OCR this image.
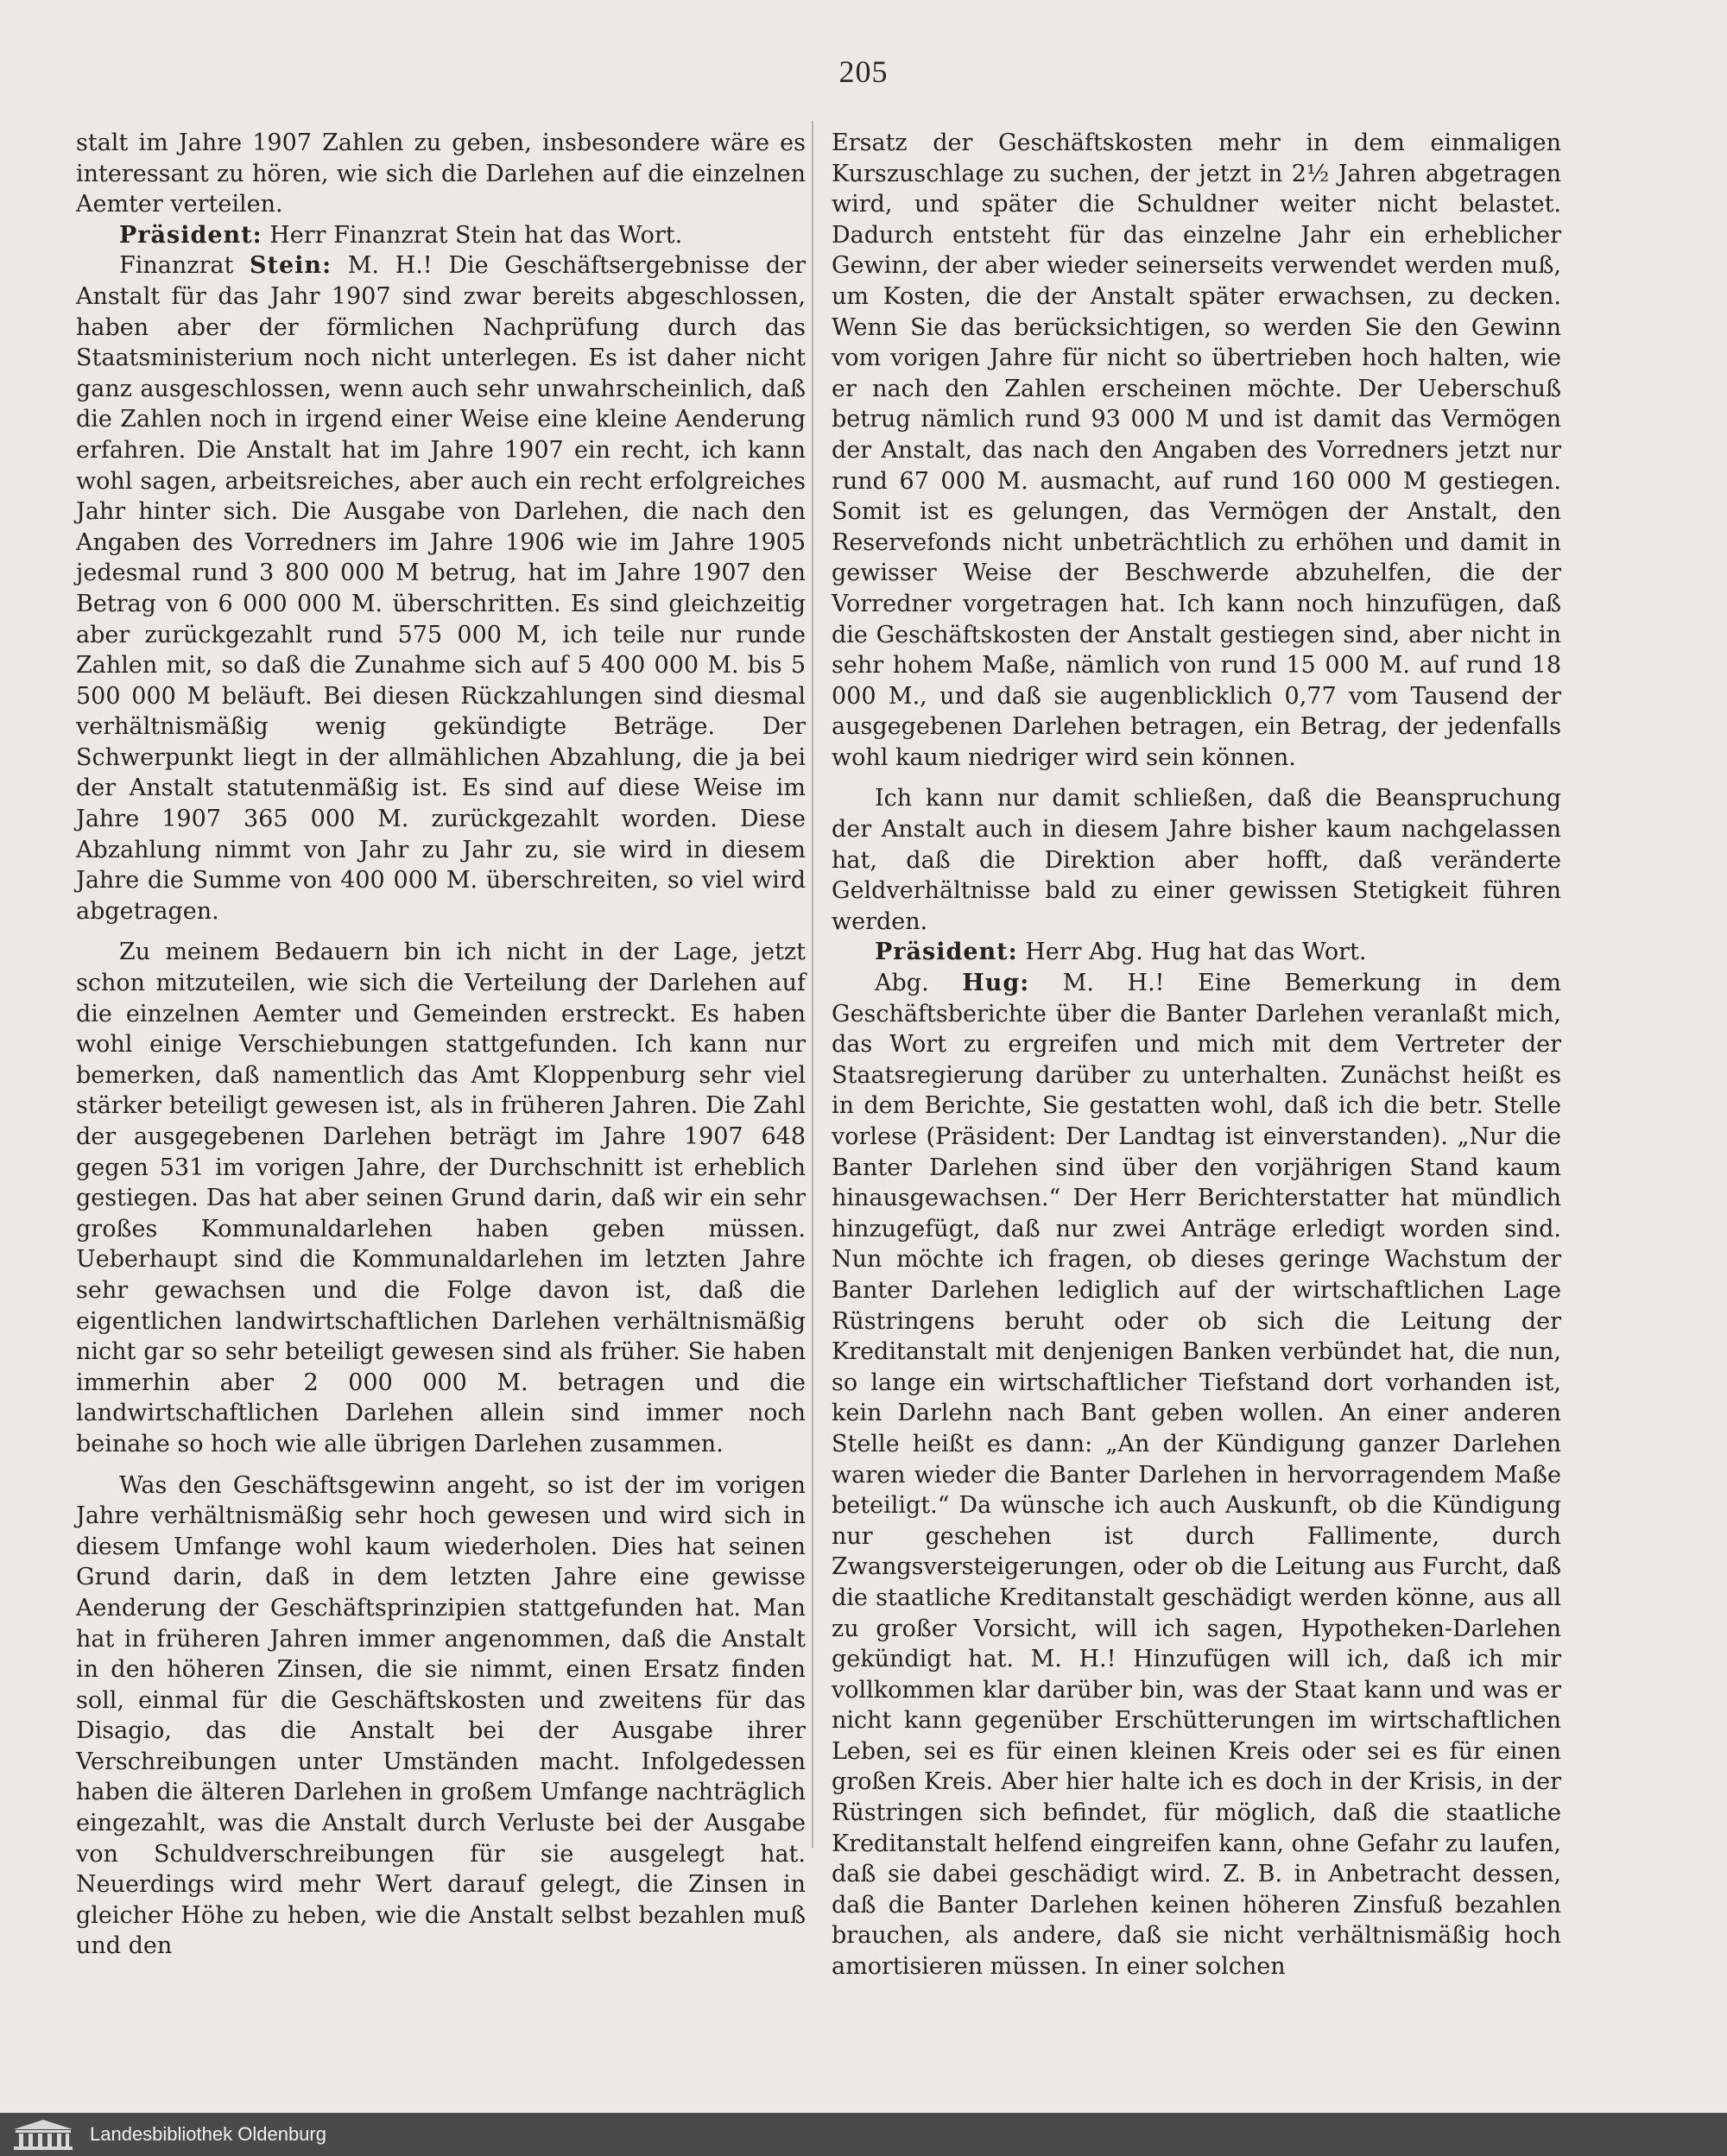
205

stalt im Jahre 1907 Zahlen zu geben, insbesondere wäre es interessant zu hören, wie sich die Darlehen auf die einzelnen Aemter verteilen.

Präsident: Herr Finanzrat Stein hat das Wort.

Finanzrat Stein: M. H.! Die Geschäftsergebnisse der Anstalt für das Jahr 1907 sind zwar bereits abgeschlossen, haben aber der förmlichen Nachprüfung durch das Staatsministerium noch nicht unterlegen. Es ist daher nicht ganz ausgeschlossen, wenn auch sehr unwahrscheinlich, daß die Zahlen noch in irgend einer Weise eine kleine Aenderung erfahren. Die Anstalt hat im Jahre 1907 ein recht, ich kann wohl sagen, arbeitsreiches, aber auch ein recht erfolgreiches Jahr hinter sich. Die Ausgabe von Darlehen, die nach den Angaben des Vorredners im Jahre 1906 wie im Jahre 1905 jedesmal rund 3 800 000 M betrug, hat im Jahre 1907 den Betrag von 6 000 000 M. überschritten. Es sind gleichzeitig aber zurückgezahlt rund 575 000 M, ich teile nur runde Zahlen mit, so daß die Zunahme sich auf 5 400 000 M. bis 5 500 000 M beläuft. Bei diesen Rückzahlungen sind diesmal verhältnismäßig wenig gekündigte Beträge. Der Schwerpunkt liegt in der allmählichen Abzahlung, die ja bei der Anstalt statutenmäßig ist. Es sind auf diese Weise im Jahre 1907 365 000 M. zurückgezahlt worden. Diese Abzahlung nimmt von Jahr zu Jahr zu, sie wird in diesem Jahre die Summe von 400 000 M. überschreiten, so viel wird abgetragen.

Zu meinem Bedauern bin ich nicht in der Lage, jetzt schon mitzuteilen, wie sich die Verteilung der Darlehen auf die einzelnen Aemter und Gemeinden erstreckt. Es haben wohl einige Verschiebungen stattgefunden. Ich kann nur bemerken, daß namentlich das Amt Kloppenburg sehr viel stärker beteiligt gewesen ist, als in früheren Jahren. Die Zahl der ausgegebenen Darlehen beträgt im Jahre 1907 648 gegen 531 im vorigen Jahre, der Durchschnitt ist erheblich gestiegen. Das hat aber seinen Grund darin, daß wir ein sehr großes Kommunaldarlehen haben geben müssen. Ueberhaupt sind die Kommunaldarlehen im letzten Jahre sehr gewachsen und die Folge davon ist, daß die eigentlichen landwirtschaftlichen Darlehen verhältnismäßig nicht gar so sehr beteiligt gewesen sind als früher. Sie haben immerhin aber 2 000 000 M. betragen und die landwirtschaftlichen Darlehen allein sind immer noch beinahe so hoch wie alle übrigen Darlehen zusammen.

Was den Geschäftsgewinn angeht, so ist der im vorigen Jahre verhältnismäßig sehr hoch gewesen und wird sich in diesem Umfange wohl kaum wiederholen. Dies hat seinen Grund darin, daß in dem letzten Jahre eine gewisse Aenderung der Geschäftsprinzipien stattgefunden hat. Man hat in früheren Jahren immer angenommen, daß die Anstalt in den höheren Zinsen, die sie nimmt, einen Ersatz finden soll, einmal für die Geschäftskosten und zweitens für das Disagio, das die Anstalt bei der Ausgabe ihrer Verschreibungen unter Umständen macht. Infolgedessen haben die älteren Darlehen in großem Umfange nachträglich eingezahlt, was die Anstalt durch Verluste bei der Ausgabe von Schuldverschreibungen für sie ausgelegt hat. Neuerdings wird mehr Wert darauf gelegt, die Zinsen in gleicher Höhe zu heben, wie die Anstalt selbst bezahlen muß und den

Ersatz der Geschäftskosten mehr in dem einmaligen Kurszuschlage zu suchen, der jetzt in 2½ Jahren abgetragen wird, und später die Schuldner weiter nicht belastet. Dadurch entsteht für das einzelne Jahr ein erheblicher Gewinn, der aber wieder seinerseits verwendet werden muß, um Kosten, die der Anstalt später erwachsen, zu decken. Wenn Sie das berücksichtigen, so werden Sie den Gewinn vom vorigen Jahre für nicht so übertrieben hoch halten, wie er nach den Zahlen erscheinen möchte. Der Ueberschuß betrug nämlich rund 93 000 M und ist damit das Vermögen der Anstalt, das nach den Angaben des Vorredners jetzt nur rund 67 000 M. ausmacht, auf rund 160 000 M gestiegen. Somit ist es gelungen, das Vermögen der Anstalt, den Reservefonds nicht unbeträchtlich zu erhöhen und damit in gewisser Weise der Beschwerde abzuhelfen, die der Vorredner vorgetragen hat. Ich kann noch hinzufügen, daß die Geschäftskosten der Anstalt gestiegen sind, aber nicht in sehr hohem Maße, nämlich von rund 15 000 M. auf rund 18 000 M., und daß sie augenblicklich 0,77 vom Tausend der ausgegebenen Darlehen betragen, ein Betrag, der jedenfalls wohl kaum niedriger wird sein können.

Ich kann nur damit schließen, daß die Beanspruchung der Anstalt auch in diesem Jahre bisher kaum nachgelassen hat, daß die Direktion aber hofft, daß veränderte Geldverhältnisse bald zu einer gewissen Stetigkeit führen werden.

Präsident: Herr Abg. Hug hat das Wort.

Abg. Hug: M. H.! Eine Bemerkung in dem Geschäftsberichte über die Banter Darlehen veranlaßt mich, das Wort zu ergreifen und mich mit dem Vertreter der Staatsregierung darüber zu unterhalten. Zunächst heißt es in dem Berichte, Sie gestatten wohl, daß ich die betr. Stelle vorlese (Präsident: Der Landtag ist einverstanden). „Nur die Banter Darlehen sind über den vorjährigen Stand kaum hinausgewachsen.“ Der Herr Berichterstatter hat mündlich hinzugefügt, daß nur zwei Anträge erledigt worden sind. Nun möchte ich fragen, ob dieses geringe Wachstum der Banter Darlehen lediglich auf der wirtschaftlichen Lage Rüstringens beruht oder ob sich die Leitung der Kreditanstalt mit denjenigen Banken verbündet hat, die nun, so lange ein wirtschaftlicher Tiefstand dort vorhanden ist, kein Darlehn nach Bant geben wollen. An einer anderen Stelle heißt es dann: „An der Kündigung ganzer Darlehen waren wieder die Banter Darlehen in hervorragendem Maße beteiligt.“ Da wünsche ich auch Auskunft, ob die Kündigung nur geschehen ist durch Fallimente, durch Zwangsversteigerungen, oder ob die Leitung aus Furcht, daß die staatliche Kreditanstalt geschädigt werden könne, aus all zu großer Vorsicht, will ich sagen, Hypotheken-Darlehen gekündigt hat. M. H.! Hinzufügen will ich, daß ich mir vollkommen klar darüber bin, was der Staat kann und was er nicht kann gegenüber Erschütterungen im wirtschaftlichen Leben, sei es für einen kleinen Kreis oder sei es für einen großen Kreis. Aber hier halte ich es doch in der Krisis, in der Rüstringen sich befindet, für möglich, daß die staatliche Kreditanstalt helfend eingreifen kann, ohne Gefahr zu laufen, daß sie dabei geschädigt wird. Z. B. in Anbetracht dessen, daß die Banter Darlehen keinen höheren Zinsfuß bezahlen brauchen, als andere, daß sie nicht verhältnismäßig hoch amortisieren müssen. In einer solchen

Landesbibliothek Oldenburg
